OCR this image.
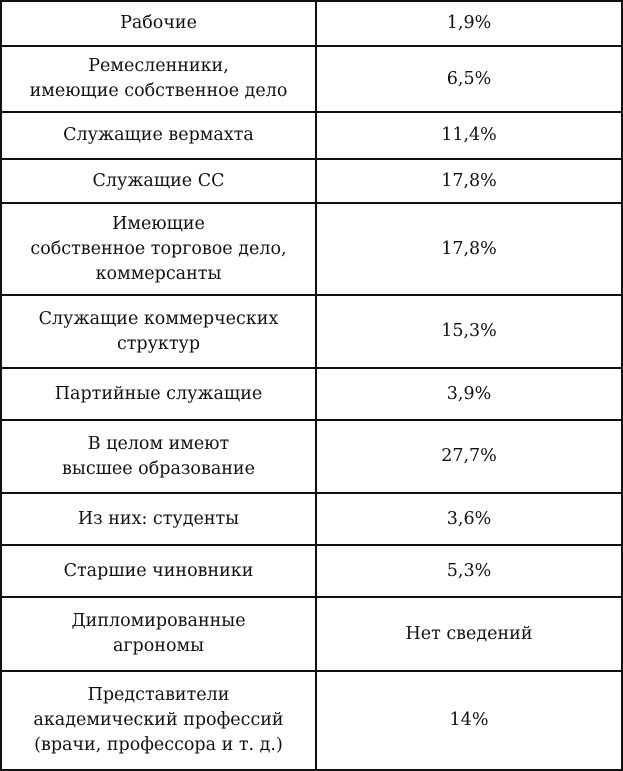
Рабочие	1,9%
Ремесленники,
имеющие собственное дело	6,5%
Служащие вермахта	11,4%
Служащие СС	17,8%
Имеющие
собственное торговое дело,
коммерсанты	17,8%
Служащие коммерческих
структур	15,3%
Партийные служащие	3,9%
В целом имеют
высшее образование	27,7%
Из них: студенты	3,6%
Старшие чиновники	5,3%
Дипломированные
агрономы	Нет сведений
Представители
академический профессий
(врачи, профессора и т. д.)	14%
